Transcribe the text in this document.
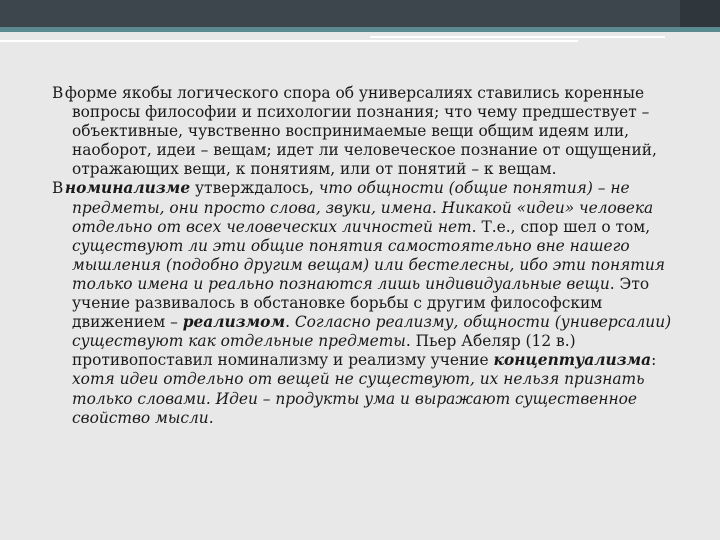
В форме якобы логического спора об универсалиях ставились коренные вопросы философии и психологии познания; что чему предшествует – объективные, чувственно воспринимаемые вещи общим идеям или, наоборот, идеи – вещам; идет ли человеческое познание от ощущений, отражающих вещи, к понятиям, или от понятий – к вещам.

В номинализме утверждалось, что общности (общие понятия) – не предметы, они просто слова, звуки, имена. Никакой «идеи» человека отдельно от всех человеческих личностей нет. Т.е., спор шел о том, существуют ли эти общие понятия самостоятельно вне нашего мышления (подобно другим вещам) или бестелесны, ибо эти понятия только имена и реально познаются лишь индивидуальные вещи. Это учение развивалось в обстановке борьбы с другим философским движением – реализмом. Согласно реализму, общности (универсалии) существуют как отдельные предметы. Пьер Абеляр (12 в.) противопоставил номинализму и реализму учение концептуализма: хотя идеи отдельно от вещей не существуют, их нельзя признать только словами. Идеи – продукты ума и выражают существенное свойство мысли.
